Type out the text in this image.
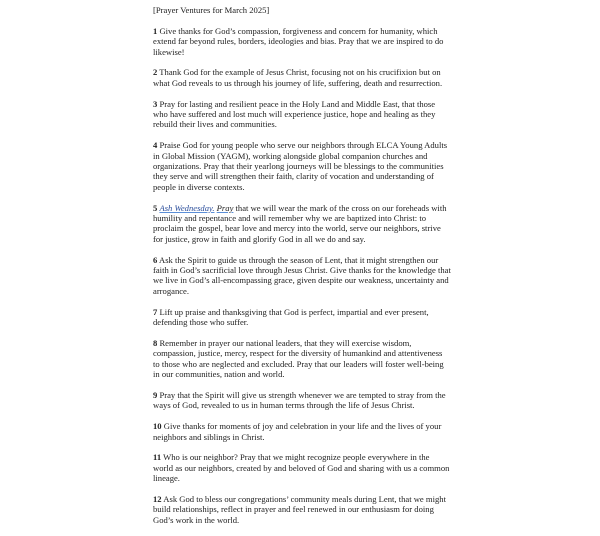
[Prayer Ventures for March 2025]

1 Give thanks for God’s compassion, forgiveness and concern for humanity, which extend far beyond rules, borders, ideologies and bias. Pray that we are inspired to do likewise!

2 Thank God for the example of Jesus Christ, focusing not on his crucifixion but on what God reveals to us through his journey of life, suffering, death and resurrection.

3 Pray for lasting and resilient peace in the Holy Land and Middle East, that those who have suffered and lost much will experience justice, hope and healing as they rebuild their lives and communities.

4 Praise God for young people who serve our neighbors through ELCA Young Adults in Global Mission (YAGM), working alongside global companion churches and organizations. Pray that their yearlong journeys will be blessings to the communities they serve and will strengthen their faith, clarity of vocation and understanding of people in diverse contexts.

5 Ash Wednesday. Pray that we will wear the mark of the cross on our foreheads with humility and repentance and will remember why we are baptized into Christ: to proclaim the gospel, bear love and mercy into the world, serve our neighbors, strive for justice, grow in faith and glorify God in all we do and say.

6 Ask the Spirit to guide us through the season of Lent, that it might strengthen our faith in God’s sacrificial love through Jesus Christ. Give thanks for the knowledge that we live in God’s all-encompassing grace, given despite our weakness, uncertainty and arrogance.

7 Lift up praise and thanksgiving that God is perfect, impartial and ever present, defending those who suffer.

8 Remember in prayer our national leaders, that they will exercise wisdom, compassion, justice, mercy, respect for the diversity of humankind and attentiveness to those who are neglected and excluded. Pray that our leaders will foster well-being in our communities, nation and world.

9 Pray that the Spirit will give us strength whenever we are tempted to stray from the ways of God, revealed to us in human terms through the life of Jesus Christ.

10 Give thanks for moments of joy and celebration in your life and the lives of your neighbors and siblings in Christ.

11 Who is our neighbor? Pray that we might recognize people everywhere in the world as our neighbors, created by and beloved of God and sharing with us a common lineage.

12 Ask God to bless our congregations’ community meals during Lent, that we might build relationships, reflect in prayer and feel renewed in our enthusiasm for doing God’s work in the world.
